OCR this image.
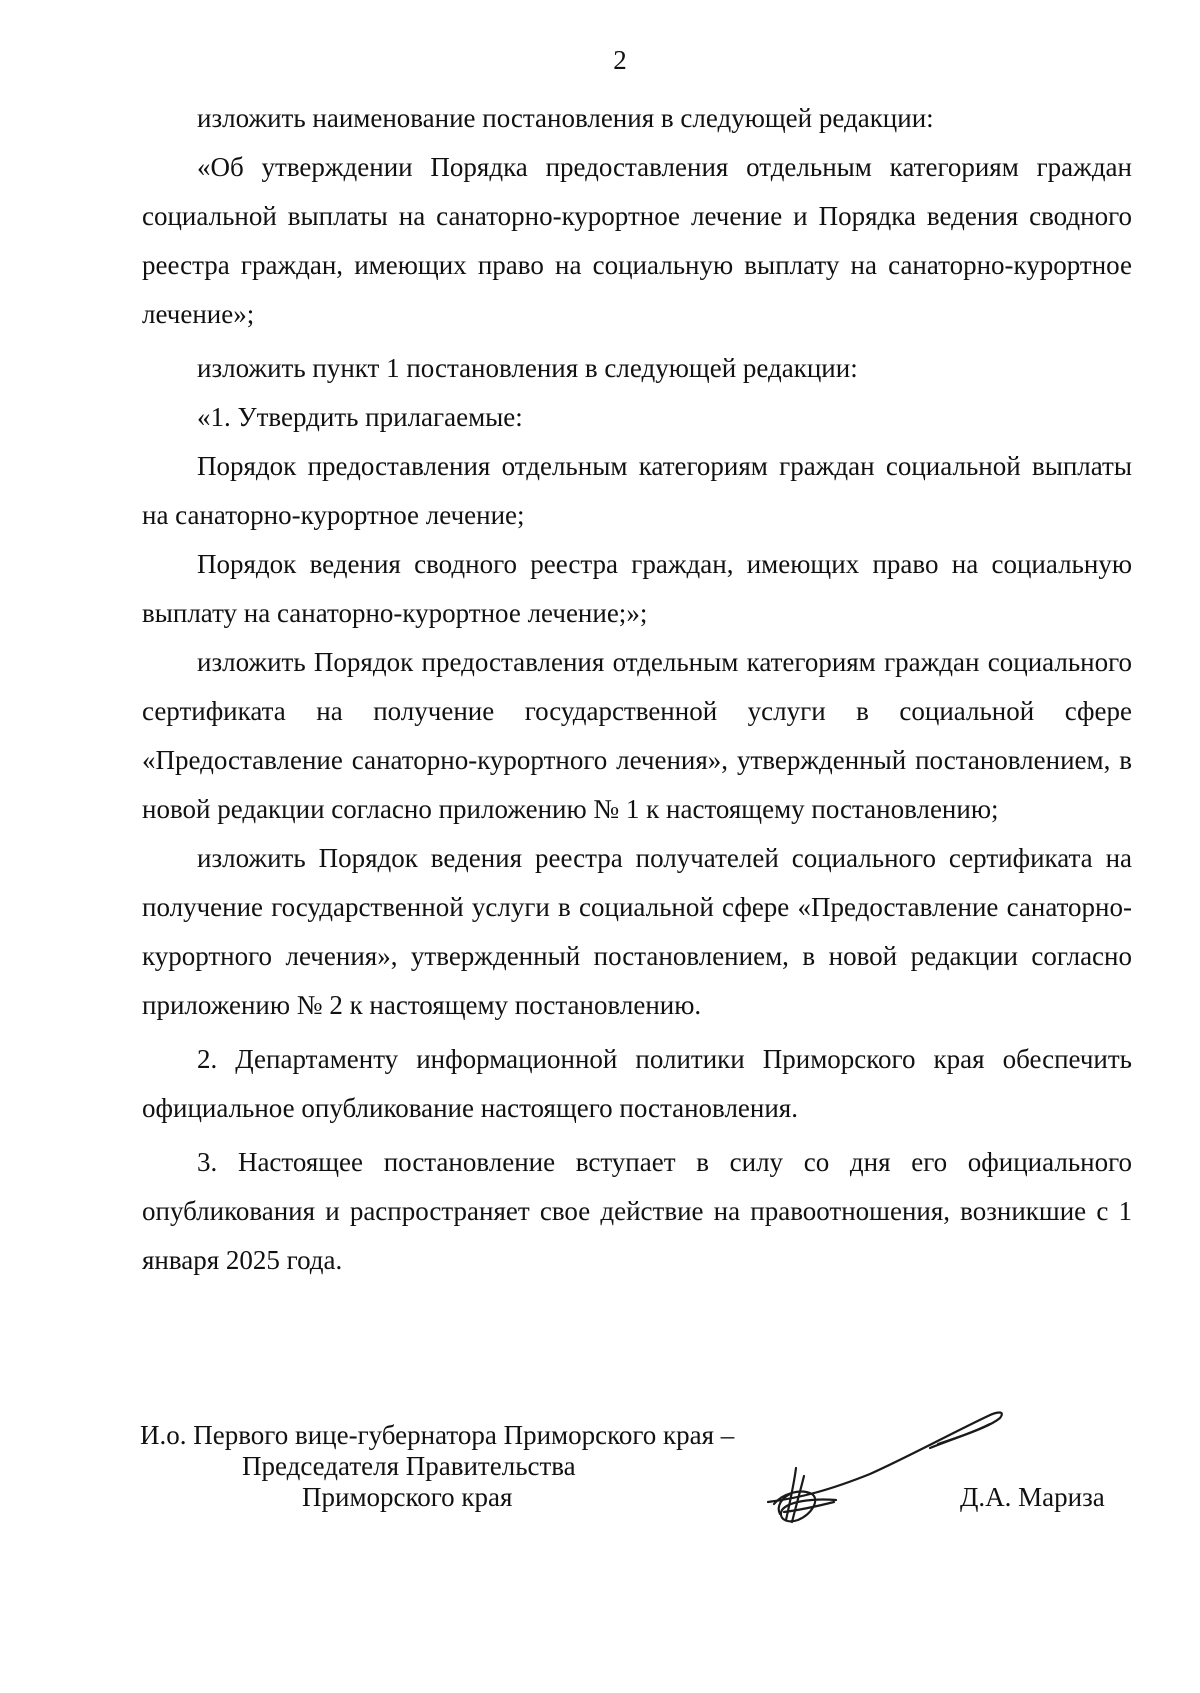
2

изложить наименование постановления в следующей редакции:

«Об утверждении Порядка предоставления отдельным категориям граждан социальной выплаты на санаторно-курортное лечение и Порядка ведения сводного реестра граждан, имеющих право на социальную выплату на санаторно-курортное лечение»;

изложить пункт 1 постановления в следующей редакции:

«1. Утвердить прилагаемые:

Порядок предоставления отдельным категориям граждан социальной выплаты на санаторно-курортное лечение;

Порядок ведения сводного реестра граждан, имеющих право на социальную выплату на санаторно-курортное лечение;»;

изложить Порядок предоставления отдельным категориям граждан социального сертификата на получение государственной услуги в социальной сфере «Предоставление санаторно-курортного лечения», утвержденный постановлением, в новой редакции согласно приложению № 1 к настоящему постановлению;

изложить Порядок ведения реестра получателей социального сертификата на получение государственной услуги в социальной сфере «Предоставление санаторно-курортного лечения», утвержденный постановлением, в новой редакции согласно приложению № 2 к настоящему постановлению.

2. Департаменту информационной политики Приморского края обеспечить официальное опубликование настоящего постановления.

3. Настоящее постановление вступает в силу со дня его официального опубликования и распространяет свое действие на правоотношения, возникшие с 1 января 2025 года.

И.о. Первого вице-губернатора Приморского края –
Председателя Правительства
Приморского края	Д.А. Мариза
